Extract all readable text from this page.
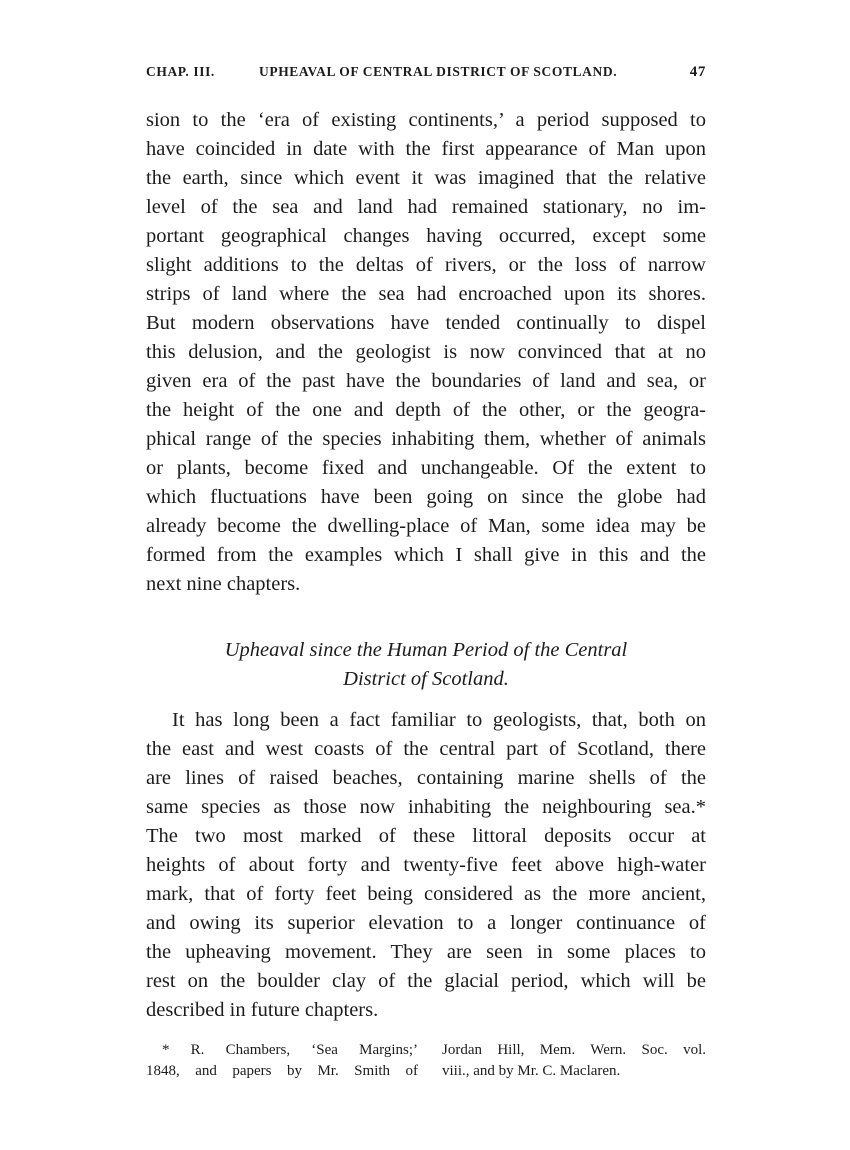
CHAP. III.	UPHEAVAL OF CENTRAL DISTRICT OF SCOTLAND.	47
sion to the ‘era of existing continents,’ a period supposed to
have coincided in date with the first appearance of Man upon
the earth, since which event it was imagined that the relative
level of the sea and land had remained stationary, no im-
portant geographical changes having occurred, except some
slight additions to the deltas of rivers, or the loss of narrow
strips of land where the sea had encroached upon its shores.
But modern observations have tended continually to dispel
this delusion, and the geologist is now convinced that at no
given era of the past have the boundaries of land and sea, or
the height of the one and depth of the other, or the geogra-
phical range of the species inhabiting them, whether of animals
or plants, become fixed and unchangeable. Of the extent to
which fluctuations have been going on since the globe had
already become the dwelling-place of Man, some idea may be
formed from the examples which I shall give in this and the
next nine chapters.
Upheaval since the Human Period of the Central
District of Scotland.
It has long been a fact familiar to geologists, that, both on
the east and west coasts of the central part of Scotland, there
are lines of raised beaches, containing marine shells of the
same species as those now inhabiting the neighbouring sea.*
The two most marked of these littoral deposits occur at
heights of about forty and twenty-five feet above high-water
mark, that of forty feet being considered as the more ancient,
and owing its superior elevation to a longer continuance of
the upheaving movement. They are seen in some places to
rest on the boulder clay of the glacial period, which will be
described in future chapters.
* R. Chambers, ‘Sea Margins;’
1848, and papers by Mr. Smith of
Jordan Hill, Mem. Wern. Soc. vol.
viii., and by Mr. C. Maclaren.
